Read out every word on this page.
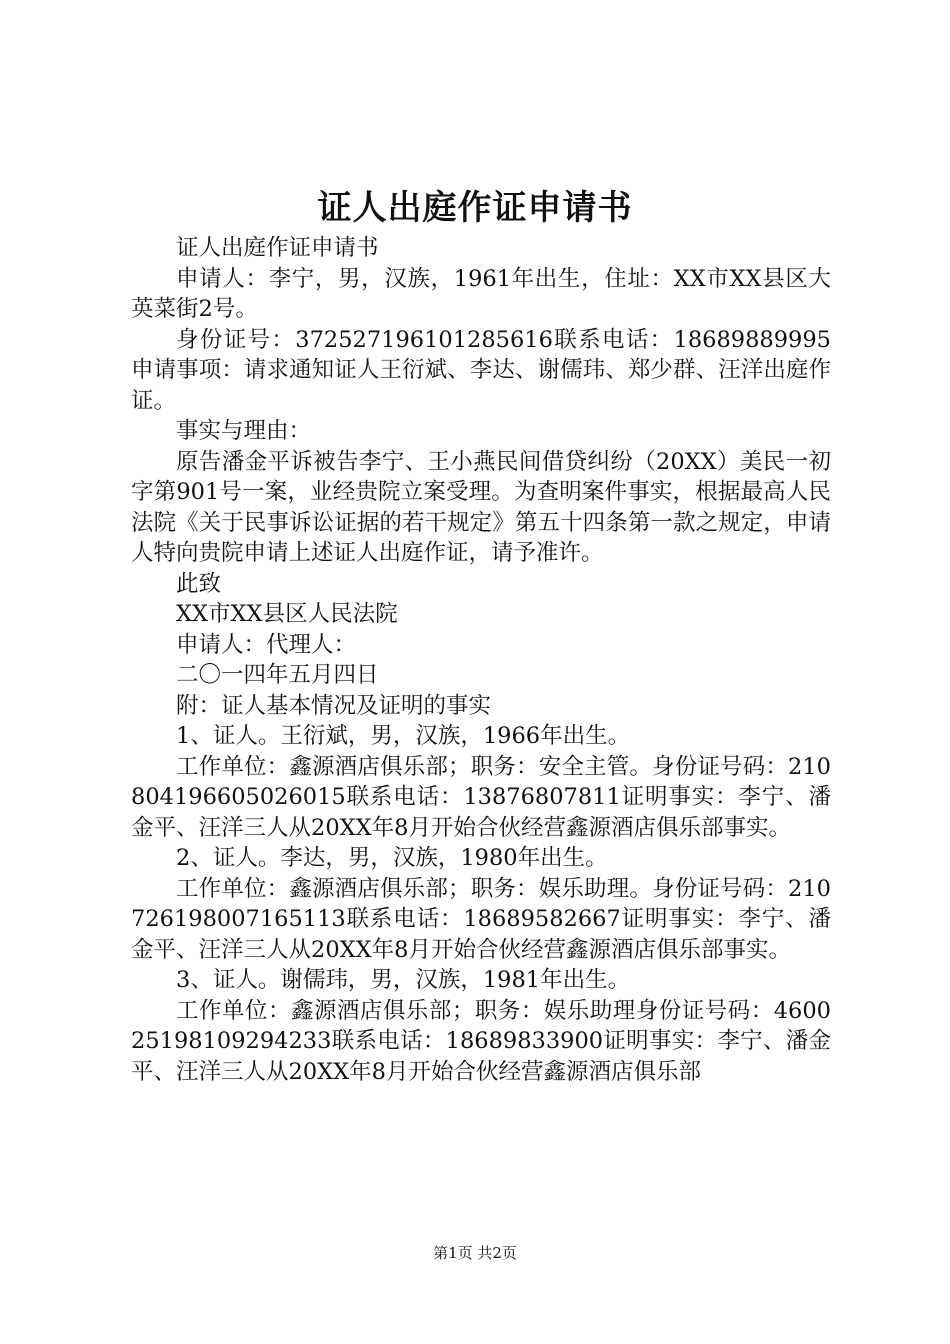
证人出庭作证申请书

证人出庭作证申请书

申请人：李宁，男，汉族，1961年出生，住址：XX市XX县区大英菜街2号。

身份证号：372527196101285616联系电话：18689889995申请事项：请求通知证人王衍斌、李达、谢儒玮、郑少群、汪洋出庭作证。

事实与理由：

原告潘金平诉被告李宁、王小燕民间借贷纠纷（20XX）美民一初字第901号一案，业经贵院立案受理。为查明案件事实，根据最高人民法院《关于民事诉讼证据的若干规定》第五十四条第一款之规定，申请人特向贵院申请上述证人出庭作证，请予准许。

此致

XX市XX县区人民法院

申请人：代理人：

二〇一四年五月四日

附：证人基本情况及证明的事实

1、证人。王衍斌，男，汉族，1966年出生。

工作单位：鑫源酒店俱乐部；职务：安全主管。身份证号码：210804196605026015联系电话：13876807811证明事实：李宁、潘金平、汪洋三人从20XX年8月开始合伙经营鑫源酒店俱乐部事实。

2、证人。李达，男，汉族，1980年出生。

工作单位：鑫源酒店俱乐部；职务：娱乐助理。身份证号码：210726198007165113联系电话：18689582667证明事实：李宁、潘金平、汪洋三人从20XX年8月开始合伙经营鑫源酒店俱乐部事实。

3、证人。谢儒玮，男，汉族，1981年出生。

工作单位：鑫源酒店俱乐部；职务：娱乐助理身份证号码：460025198109294233联系电话：18689833900证明事实：李宁、潘金平、汪洋三人从20XX年8月开始合伙经营鑫源酒店俱乐部

第1页 共2页
